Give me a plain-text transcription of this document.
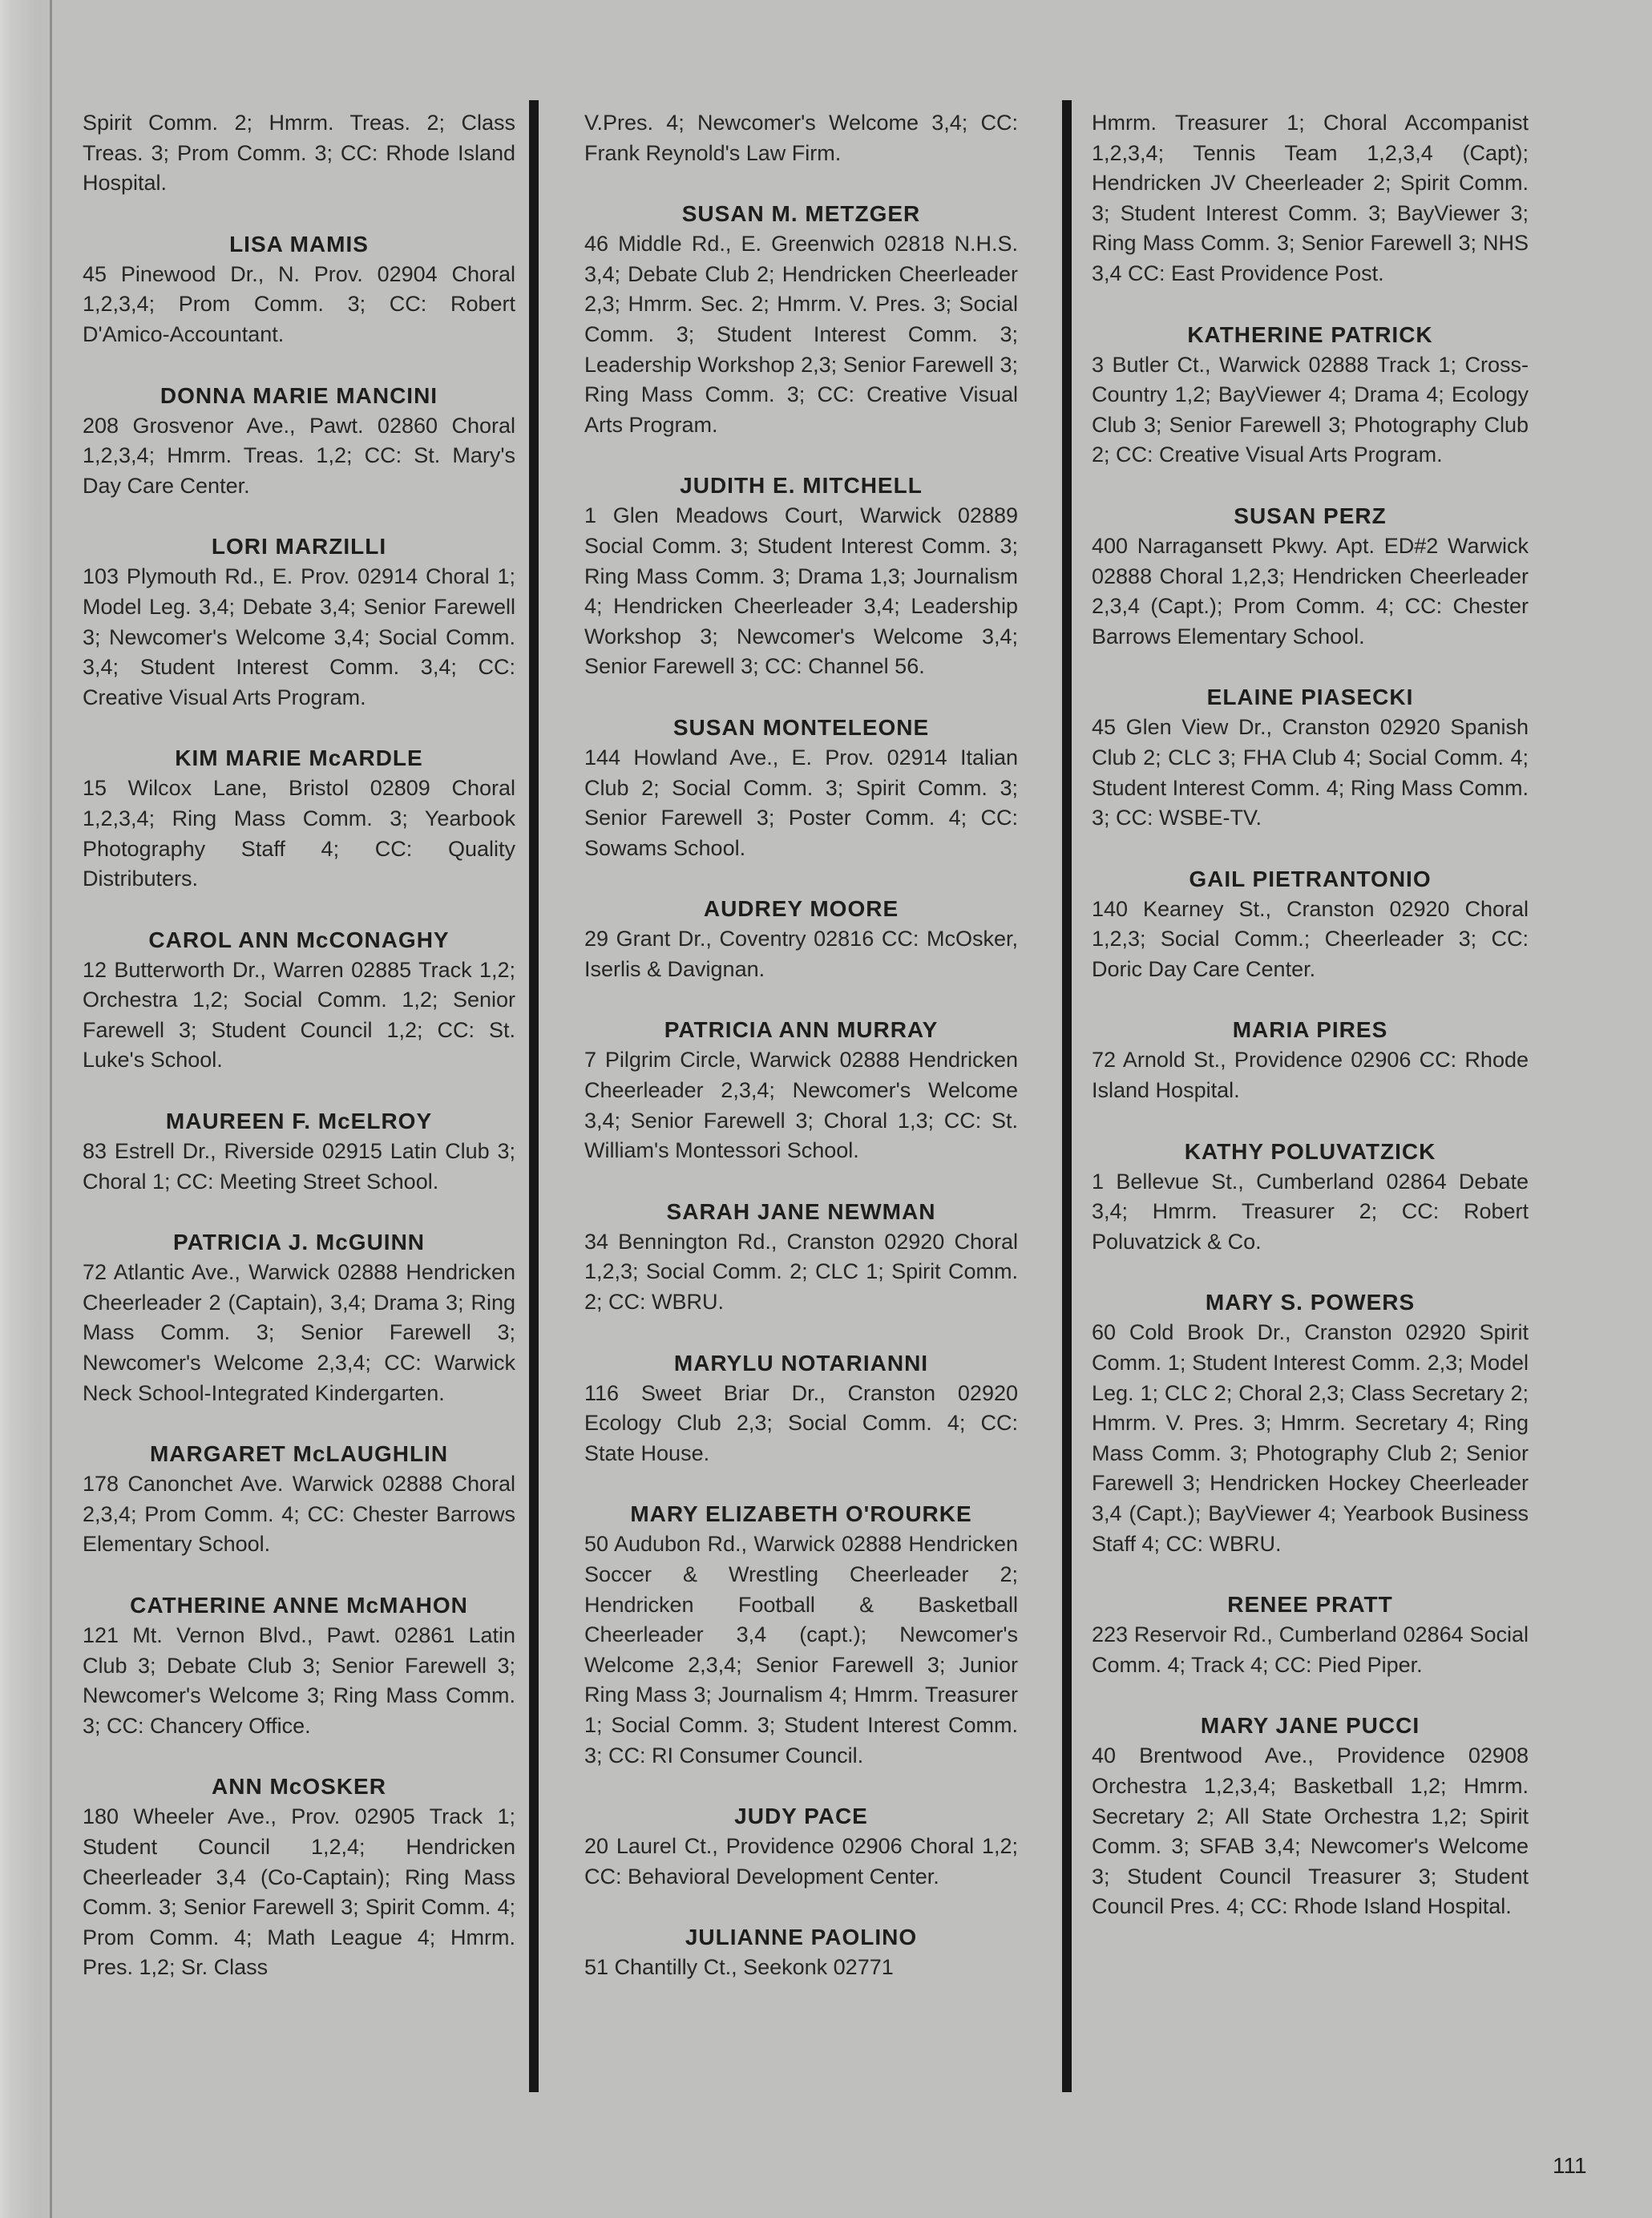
Spirit Comm. 2; Hmrm. Treas. 2; Class Treas. 3; Prom Comm. 3; CC: Rhode Island Hospital.

LISA MAMIS

45 Pinewood Dr., N. Prov. 02904 Choral 1,2,3,4; Prom Comm. 3; CC: Robert D'Amico-Accountant.

DONNA MARIE MANCINI

208 Grosvenor Ave., Pawt. 02860 Choral 1,2,3,4; Hmrm. Treas. 1,2; CC: St. Mary's Day Care Center.

LORI MARZILLI

103 Plymouth Rd., E. Prov. 02914 Choral 1; Model Leg. 3,4; Debate 3,4; Senior Farewell 3; Newcomer's Welcome 3,4; Social Comm. 3,4; Student Interest Comm. 3,4; CC: Creative Visual Arts Program.

KIM MARIE McARDLE

15 Wilcox Lane, Bristol 02809 Choral 1,2,3,4; Ring Mass Comm. 3; Yearbook Photography Staff 4; CC: Quality Distributers.

CAROL ANN McCONAGHY

12 Butterworth Dr., Warren 02885 Track 1,2; Orchestra 1,2; Social Comm. 1,2; Senior Farewell 3; Student Council 1,2; CC: St. Luke's School.

MAUREEN F. McELROY

83 Estrell Dr., Riverside 02915 Latin Club 3; Choral 1; CC: Meeting Street School.

PATRICIA J. McGUINN

72 Atlantic Ave., Warwick 02888 Hendricken Cheerleader 2 (Captain), 3,4; Drama 3; Ring Mass Comm. 3; Senior Farewell 3; Newcomer's Welcome 2,3,4; CC: Warwick Neck School-Integrated Kindergarten.

MARGARET McLAUGHLIN

178 Canonchet Ave. Warwick 02888 Choral 2,3,4; Prom Comm. 4; CC: Chester Barrows Elementary School.

CATHERINE ANNE McMAHON

121 Mt. Vernon Blvd., Pawt. 02861 Latin Club 3; Debate Club 3; Senior Farewell 3; Newcomer's Welcome 3; Ring Mass Comm. 3; CC: Chancery Office.

ANN McOSKER

180 Wheeler Ave., Prov. 02905 Track 1; Student Council 1,2,4; Hendricken Cheerleader 3,4 (Co-Captain); Ring Mass Comm. 3; Senior Farewell 3; Spirit Comm. 4; Prom Comm. 4; Math League 4; Hmrm. Pres. 1,2; Sr. Class

V.Pres. 4; Newcomer's Welcome 3,4; CC: Frank Reynold's Law Firm.

SUSAN M. METZGER

46 Middle Rd., E. Greenwich 02818 N.H.S. 3,4; Debate Club 2; Hendricken Cheerleader 2,3; Hmrm. Sec. 2; Hmrm. V. Pres. 3; Social Comm. 3; Student Interest Comm. 3; Leadership Workshop 2,3; Senior Farewell 3; Ring Mass Comm. 3; CC: Creative Visual Arts Program.

JUDITH E. MITCHELL

1 Glen Meadows Court, Warwick 02889 Social Comm. 3; Student Interest Comm. 3; Ring Mass Comm. 3; Drama 1,3; Journalism 4; Hendricken Cheerleader 3,4; Leadership Workshop 3; Newcomer's Welcome 3,4; Senior Farewell 3; CC: Channel 56.

SUSAN MONTELEONE

144 Howland Ave., E. Prov. 02914 Italian Club 2; Social Comm. 3; Spirit Comm. 3; Senior Farewell 3; Poster Comm. 4; CC: Sowams School.

AUDREY MOORE

29 Grant Dr., Coventry 02816 CC: McOsker, Iserlis & Davignan.

PATRICIA ANN MURRAY

7 Pilgrim Circle, Warwick 02888 Hendricken Cheerleader 2,3,4; Newcomer's Welcome 3,4; Senior Farewell 3; Choral 1,3; CC: St. William's Montessori School.

SARAH JANE NEWMAN

34 Bennington Rd., Cranston 02920 Choral 1,2,3; Social Comm. 2; CLC 1; Spirit Comm. 2; CC: WBRU.

MARYLU NOTARIANNI

116 Sweet Briar Dr., Cranston 02920 Ecology Club 2,3; Social Comm. 4; CC: State House.

MARY ELIZABETH O'ROURKE

50 Audubon Rd., Warwick 02888 Hendricken Soccer & Wrestling Cheerleader 2; Hendricken Football & Basketball Cheerleader 3,4 (capt.); Newcomer's Welcome 2,3,4; Senior Farewell 3; Junior Ring Mass 3; Journalism 4; Hmrm. Treasurer 1; Social Comm. 3; Student Interest Comm. 3; CC: RI Consumer Council.

JUDY PACE

20 Laurel Ct., Providence 02906 Choral 1,2; CC: Behavioral Development Center.

JULIANNE PAOLINO

51 Chantilly Ct., Seekonk 02771

Hmrm. Treasurer 1; Choral Accompanist 1,2,3,4; Tennis Team 1,2,3,4 (Capt); Hendricken JV Cheerleader 2; Spirit Comm. 3; Student Interest Comm. 3; BayViewer 3; Ring Mass Comm. 3; Senior Farewell 3; NHS 3,4 CC: East Providence Post.

KATHERINE PATRICK

3 Butler Ct., Warwick 02888 Track 1; Cross-Country 1,2; BayViewer 4; Drama 4; Ecology Club 3; Senior Farewell 3; Photography Club 2; CC: Creative Visual Arts Program.

SUSAN PERZ

400 Narragansett Pkwy. Apt. ED#2 Warwick 02888 Choral 1,2,3; Hendricken Cheerleader 2,3,4 (Capt.); Prom Comm. 4; CC: Chester Barrows Elementary School.

ELAINE PIASECKI

45 Glen View Dr., Cranston 02920 Spanish Club 2; CLC 3; FHA Club 4; Social Comm. 4; Student Interest Comm. 4; Ring Mass Comm. 3; CC: WSBE-TV.

GAIL PIETRANTONIO

140 Kearney St., Cranston 02920 Choral 1,2,3; Social Comm.; Cheerleader 3; CC: Doric Day Care Center.

MARIA PIRES

72 Arnold St., Providence 02906 CC: Rhode Island Hospital.

KATHY POLUVATZICK

1 Bellevue St., Cumberland 02864 Debate 3,4; Hmrm. Treasurer 2; CC: Robert Poluvatzick & Co.

MARY S. POWERS

60 Cold Brook Dr., Cranston 02920 Spirit Comm. 1; Student Interest Comm. 2,3; Model Leg. 1; CLC 2; Choral 2,3; Class Secretary 2; Hmrm. V. Pres. 3; Hmrm. Secretary 4; Ring Mass Comm. 3; Photography Club 2; Senior Farewell 3; Hendricken Hockey Cheerleader 3,4 (Capt.); BayViewer 4; Yearbook Business Staff 4; CC: WBRU.

RENEE PRATT

223 Reservoir Rd., Cumberland 02864 Social Comm. 4; Track 4; CC: Pied Piper.

MARY JANE PUCCI

40 Brentwood Ave., Providence 02908 Orchestra 1,2,3,4; Basketball 1,2; Hmrm. Secretary 2; All State Orchestra 1,2; Spirit Comm. 3; SFAB 3,4; Newcomer's Welcome 3; Student Council Treasurer 3; Student Council Pres. 4; CC: Rhode Island Hospital.

111
